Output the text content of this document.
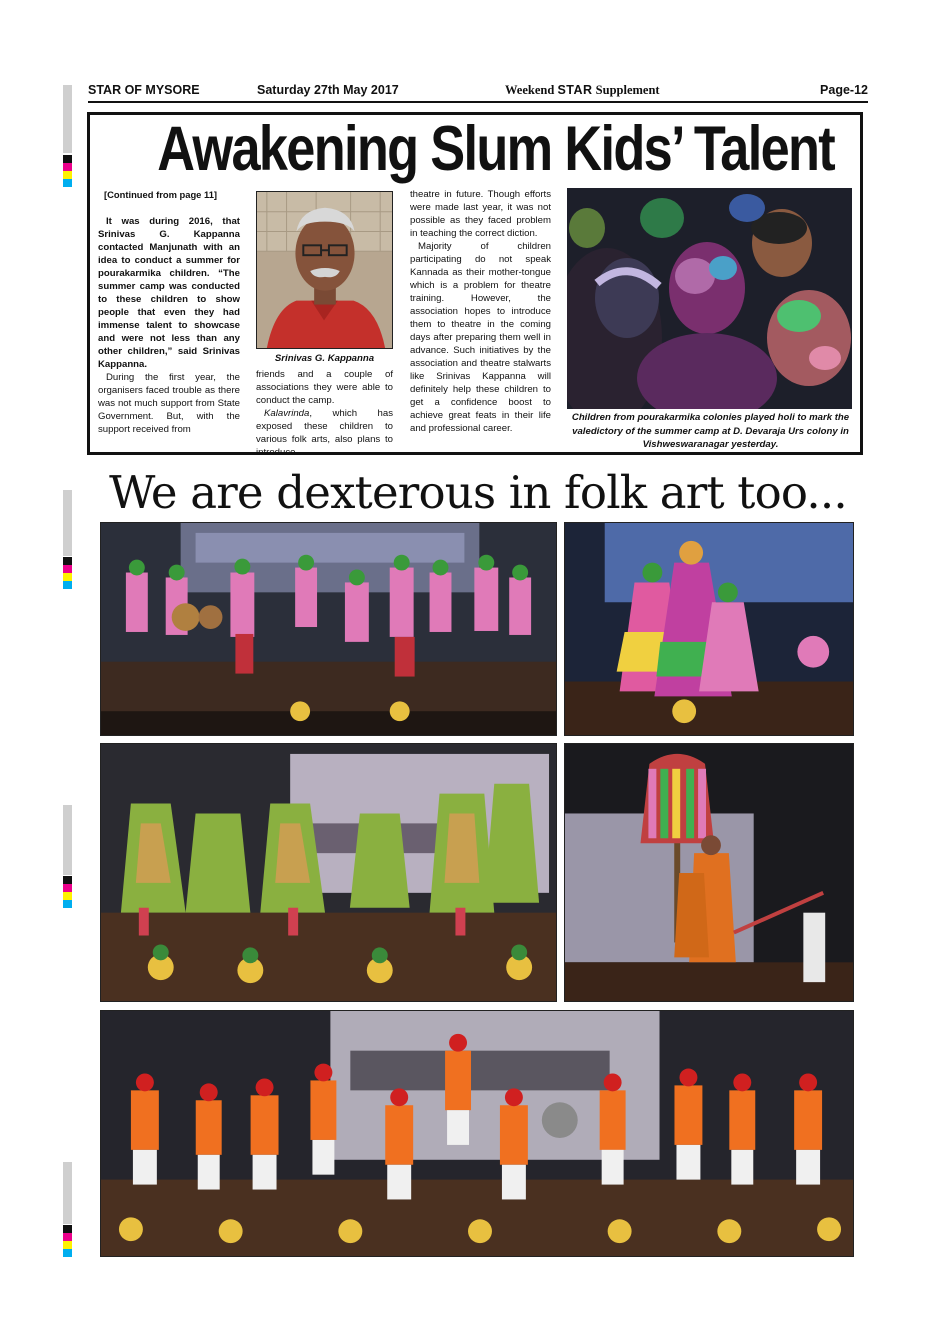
STAR OF MYSORE	Saturday 27th May 2017	Weekend STAR Supplement	Page-12
Awakening Slum Kids’ Talent

[Continued from page 11]

It was during 2016, that Srinivas G. Kappanna contacted Manjunath with an idea to conduct a summer for pourakarmika children. “The summer camp was conducted to these children to show people that even they had immense talent to showcase and were not less than any other children,” said Srinivas Kappanna.

During the first year, the organisers faced trouble as there was not much support from State Government. But, with the support received from

Srinivas G. Kappanna

friends and a couple of associations they were able to conduct the camp.

Kalavrinda, which has exposed these children to various folk arts, also plans to introduce

theatre in future. Though efforts were made last year, it was not possible as they faced problem in teaching the correct diction.

Majority of children participating do not speak Kannada as their mother-tongue which is a problem for theatre training. However, the association hopes to introduce them to theatre in the coming days after preparing them well in advance. Such initiatives by the association and theatre stalwarts like Srinivas Kappanna will definitely help these children to get a confidence boost to achieve great feats in their life and professional career.

Children from pourakarmika colonies played holi to mark the valedictory of the summer camp at D. Devaraja Urs colony in Vishweswaranagar yesterday.
We are dexterous in folk art too...
